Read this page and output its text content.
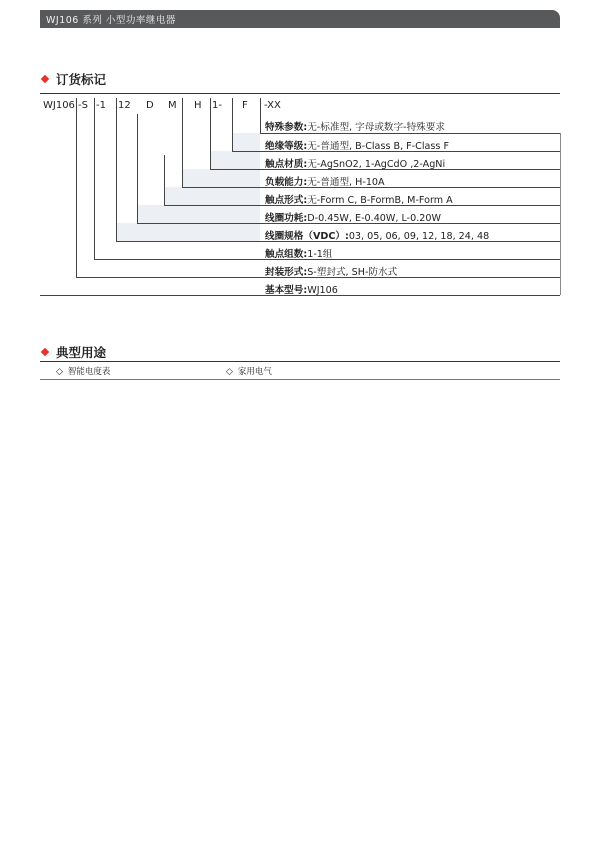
WJ106 系列 小型功率继电器
订货标记
WJ106 -S -1 12 D M H 1- F -XX
特殊参数:无-标准型, 字母或数字-特殊要求
绝缘等级:无-普通型, B-Class B, F-Class F
触点材质:无-AgSnO2, 1-AgCdO ,2-AgNi
负载能力:无-普通型, H-10A
触点形式:无-Form C, B-FormB, M-Form A
线圈功耗:D-0.45W, E-0.40W, L-0.20W
线圈规格（VDC）:03, 05, 06, 09, 12, 18, 24, 48
触点组数:1-1组
封装形式:S-塑封式, SH-防水式
基本型号:WJ106
典型用途
◇ 智能电度表	◇ 家用电气
